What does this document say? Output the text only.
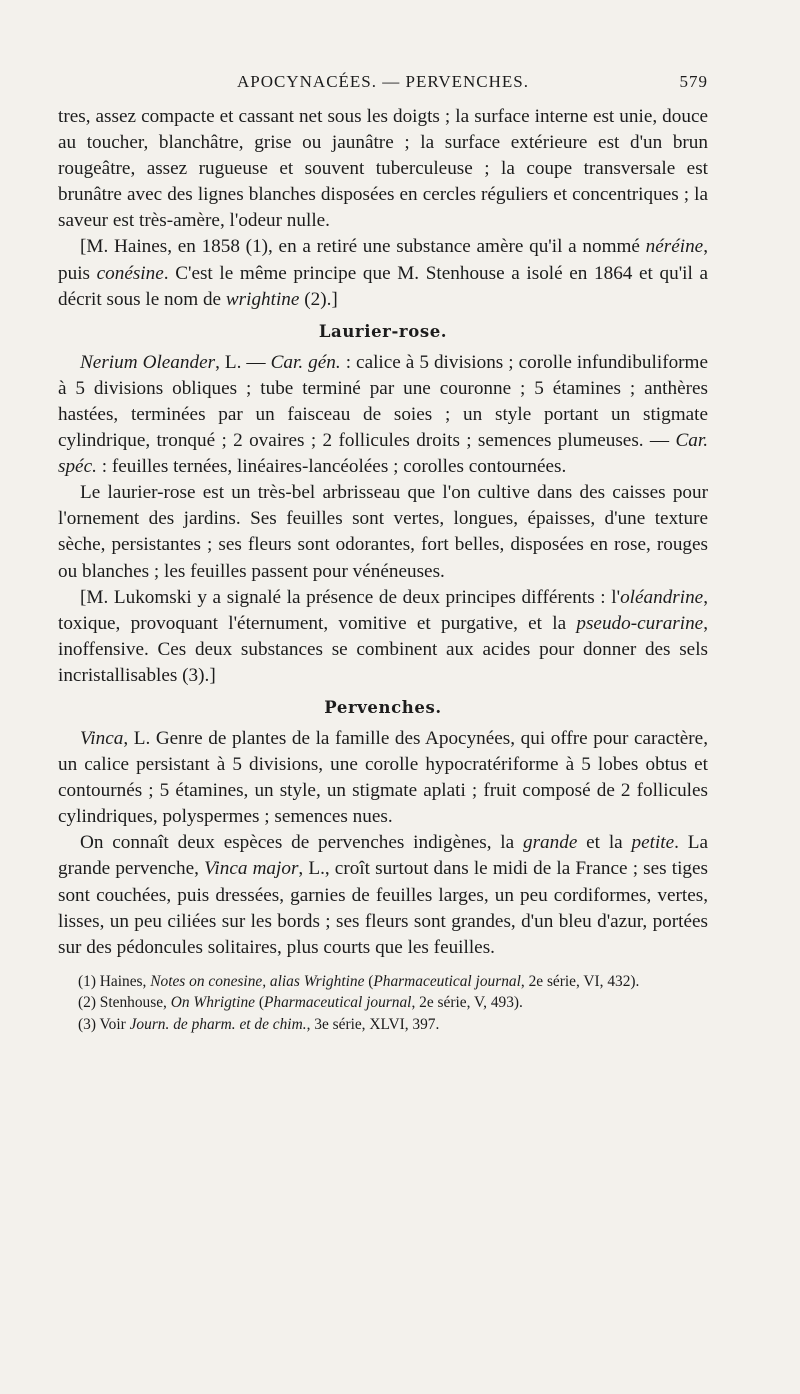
APOCYNACÉES. — PERVENCHES.	579

tres, assez compacte et cassant net sous les doigts ; la surface interne est unie, douce au toucher, blanchâtre, grise ou jaunâtre ; la surface extérieure est d'un brun rougeâtre, assez rugueuse et souvent tuberculeuse ; la coupe transversale est brunâtre avec des lignes blanches disposées en cercles réguliers et concentriques ; la saveur est très-amère, l'odeur nulle.

[M. Haines, en 1858 (1), en a retiré une substance amère qu'il a nommé néréine, puis conésine. C'est le même principe que M. Stenhouse a isolé en 1864 et qu'il a décrit sous le nom de wrightine (2).]

Laurier-rose.

Nerium Oleander, L. — Car. gén. : calice à 5 divisions ; corolle infundibuliforme à 5 divisions obliques ; tube terminé par une couronne ; 5 étamines ; anthères hastées, terminées par un faisceau de soies ; un style portant un stigmate cylindrique, tronqué ; 2 ovaires ; 2 follicules droits ; semences plumeuses. — Car. spéc. : feuilles ternées, linéaires-lancéolées ; corolles contournées.

Le laurier-rose est un très-bel arbrisseau que l'on cultive dans des caisses pour l'ornement des jardins. Ses feuilles sont vertes, longues, épaisses, d'une texture sèche, persistantes ; ses fleurs sont odorantes, fort belles, disposées en rose, rouges ou blanches ; les feuilles passent pour vénéneuses.

[M. Lukomski y a signalé la présence de deux principes différents : l'oléandrine, toxique, provoquant l'éternument, vomitive et purgative, et la pseudo-curarine, inoffensive. Ces deux substances se combinent aux acides pour donner des sels incristallisables (3).]

Pervenches.

Vinca, L. Genre de plantes de la famille des Apocynées, qui offre pour caractère, un calice persistant à 5 divisions, une corolle hypocratériforme à 5 lobes obtus et contournés ; 5 étamines, un style, un stigmate aplati ; fruit composé de 2 follicules cylindriques, polyspermes ; semences nues.

On connaît deux espèces de pervenches indigènes, la grande et la petite. La grande pervenche, Vinca major, L., croît surtout dans le midi de la France ; ses tiges sont couchées, puis dressées, garnies de feuilles larges, un peu cordiformes, vertes, lisses, un peu ciliées sur les bords ; ses fleurs sont grandes, d'un bleu d'azur, portées sur des pédoncules solitaires, plus courts que les feuilles.

(1) Haines, Notes on conesine, alias Wrightine (Pharmaceutical journal, 2e série, VI, 432).

(2) Stenhouse, On Whrigtine (Pharmaceutical journal, 2e série, V, 493).

(3) Voir Journ. de pharm. et de chim., 3e série, XLVI, 397.
